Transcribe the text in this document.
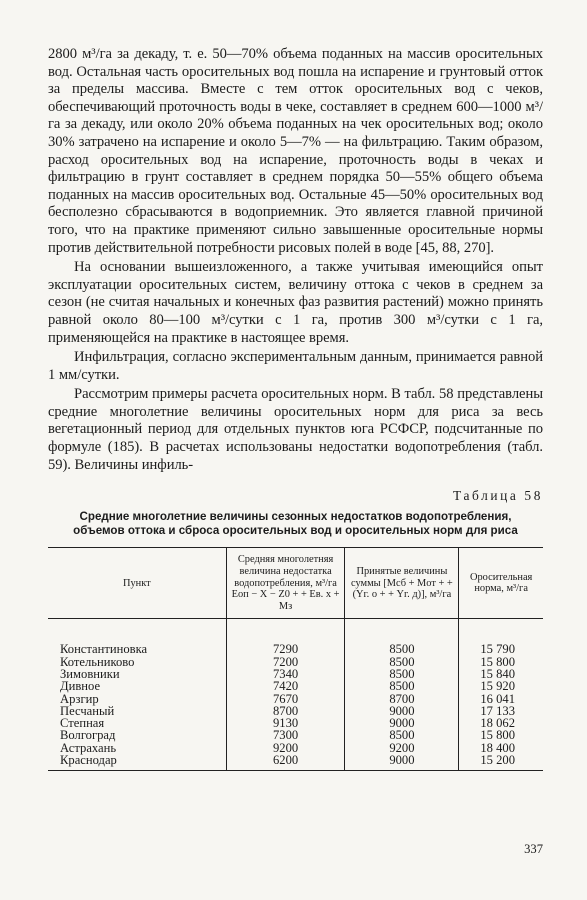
2800 м³/га за декаду, т. е. 50—70% объема поданных на массив оросительных вод. Остальная часть оросительных вод пошла на испарение и грунтовый отток за пределы массива. Вместе с тем отток оросительных вод с чеков, обеспечивающий проточность воды в чеке, составляет в среднем 600—1000 м³/га за декаду, или около 20% объема поданных на чек оросительных вод; около 30% затрачено на испарение и около 5—7% — на фильтрацию. Таким образом, расход оросительных вод на испарение, проточность воды в чеках и фильтрацию в грунт составляет в среднем порядка 50—55% общего объема поданных на массив оросительных вод. Остальные 45—50% оросительных вод бесполезно сбрасываются в водоприемник. Это является главной причиной того, что на практике применяют сильно завышенные оросительные нормы против действительной потребности рисовых полей в воде [45, 88, 270].

На основании вышеизложенного, а также учитывая имеющийся опыт эксплуатации оросительных систем, величину оттока с чеков в среднем за сезон (не считая начальных и конечных фаз развития растений) можно принять равной около 80—100 м³/сутки с 1 га, против 300 м³/сутки с 1 га, применяющейся на практике в настоящее время.

Инфильтрация, согласно экспериментальным данным, принимается равной 1 мм/сутки.

Рассмотрим примеры расчета оросительных норм. В табл. 58 представлены средние многолетние величины оросительных норм для риса за весь вегетационный период для отдельных пунктов юга РСФСР, подсчитанные по формуле (185). В расчетах использованы недостатки водопотребления (табл. 59). Величины инфиль-

Таблица 58
Средние многолетние величины сезонных недостатков водопотребления, объемов оттока и сброса оросительных вод и оросительных норм для риса
Пункт	Средняя многолетняя величина недостатка водопотребления, м³/га Eоп − X − Z0 + + Eв. х + Mз	Принятые величины суммы [Mсб + Mот + + (Yг. о + + Yг. д)], м³/га	Оросительная норма, м³/га
Константиновка	7290	8500	15 790
Котельниково	7200	8500	15 800
Зимовники	7340	8500	15 840
Дивное	7420	8500	15 920
Арзгир	7670	8700	16 041
Песчаный	8700	9000	17 133
Степная	9130	9000	18 062
Волгоград	7300	8500	15 800
Астрахань	9200	9200	18 400
Краснодар	6200	9000	15 200
337
